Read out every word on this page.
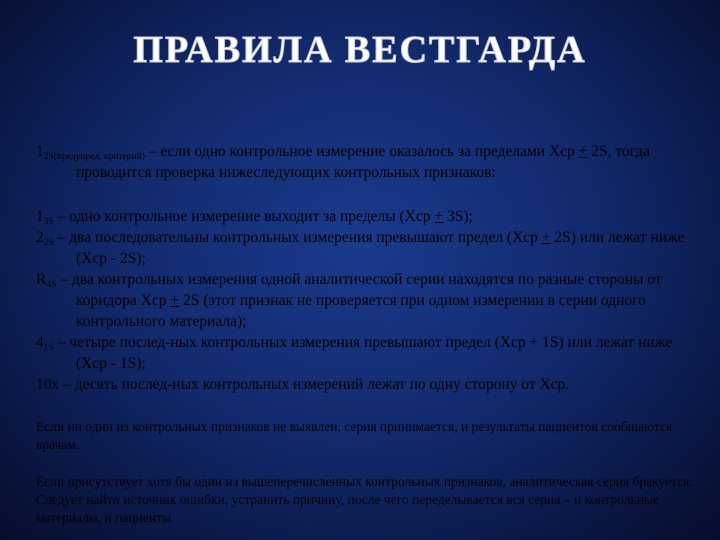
ПРАВИЛА ВЕСТГАРДА

$1_{2S(предупред. критерий)}$ – если одно контрольное измерение оказалось за пределами Xср + 2S, тогда проводится проверка нижеследующих контрольных признаков:

$1_{3S}$ – одно контрольное измерение выходит за пределы (Xср + 3S);

$2_{2S}$ – два последовательны контрольных измерения превышают предел (Xср + 2S) или лежат ниже (Xср - 2S);

$R_{4S}$ – два контрольных измерения одной аналитической серии находятся по разные стороны от коридора Xср + 2S (этот признак не проверяется при одном измерении в серии одного контрольного материала);

$4_{1S}$ – четыре послед-ных контрольных измерения превышают предел (Xср + 1S) или лежат ниже (Xср - 1S);

10x – десять послед-ных контрольных измерений лежат по одну сторону от Xср.

Если ни один из контрольных признаков не выявлен, серия принимается, и результаты пациентов сообщаются врачам.

Если присутствует хотя бы один из вышеперечисленных контрольных признаков, аналитическая серия бракуется. Следует найти источник ошибки, устранить причину, после чего переделывается вся серия – и контрольные материалы, и пациенты.
